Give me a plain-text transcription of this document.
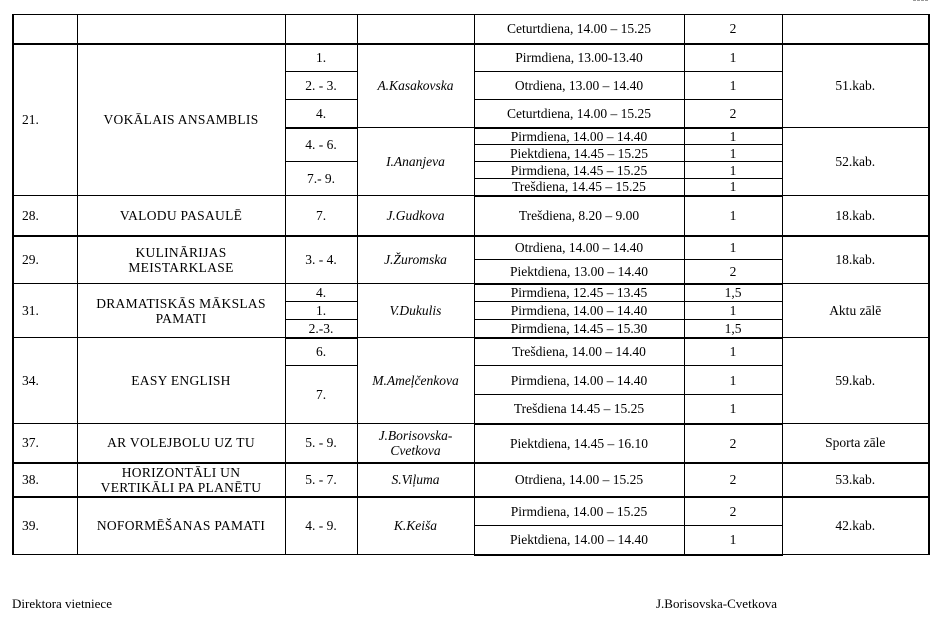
				Ceturtdiena, 14.00 – 15.25	2	
21.	VOKĀLAIS ANSAMBLIS	1.	A.Kasakovska	Pirmdiena, 13.00-13.40	1	51.kab.
		2. - 3.		Otrdiena, 13.00 – 14.40	1	
		4.		Ceturtdiena, 14.00 – 15.25	2	
		4. - 6.	I.Ananjeva	Pirmdiena, 14.00 – 14.40	1	52.kab.
				Piektdiena, 14.45 – 15.25	1	
		7.- 9.		Pirmdiena, 14.45 – 15.25	1	
				Trešdiena, 14.45 – 15.25	1	
28.	VALODU PASAULĒ	7.	J.Gudkova	Trešdiena, 8.20 – 9.00	1	18.kab.
29.	KULINĀRIJAS
MEISTARKLASE	3. - 4.	J.Žuromska	Otrdiena, 14.00 – 14.40	1	18.kab.
				Piektdiena, 13.00 – 14.40	2	
31.	DRAMATISKĀS MĀKSLAS
PAMATI	4.	V.Dukulis	Pirmdiena, 12.45 – 13.45	1,5	Aktu zālē
		1.		Pirmdiena, 14.00 – 14.40	1	
		2.-3.		Pirmdiena, 14.45 – 15.30	1,5	
34.	EASY ENGLISH	6.	M.Ameļčenkova	Trešdiena, 14.00 – 14.40	1	59.kab.
		7.		Pirmdiena, 14.00 – 14.40	1	
				Trešdiena 14.45 – 15.25	1	
37.	AR VOLEJBOLU UZ TU	5. - 9.	J.Borisovska-
Cvetkova	Piektdiena, 14.45 – 16.10	2	Sporta zāle
38.	HORIZONTĀLI UN
VERTIKĀLI PA PLANĒTU	5. - 7.	S.Viļuma	Otrdiena, 14.00 – 15.25	2	53.kab.
39.	NOFORMĒŠANAS PAMATI	4. - 9.	K.Keiša	Pirmdiena, 14.00 – 15.25	2	42.kab.
				Piektdiena, 14.00 – 14.40	1	
Direktora vietniece	J.Borisovska-Cvetkova
